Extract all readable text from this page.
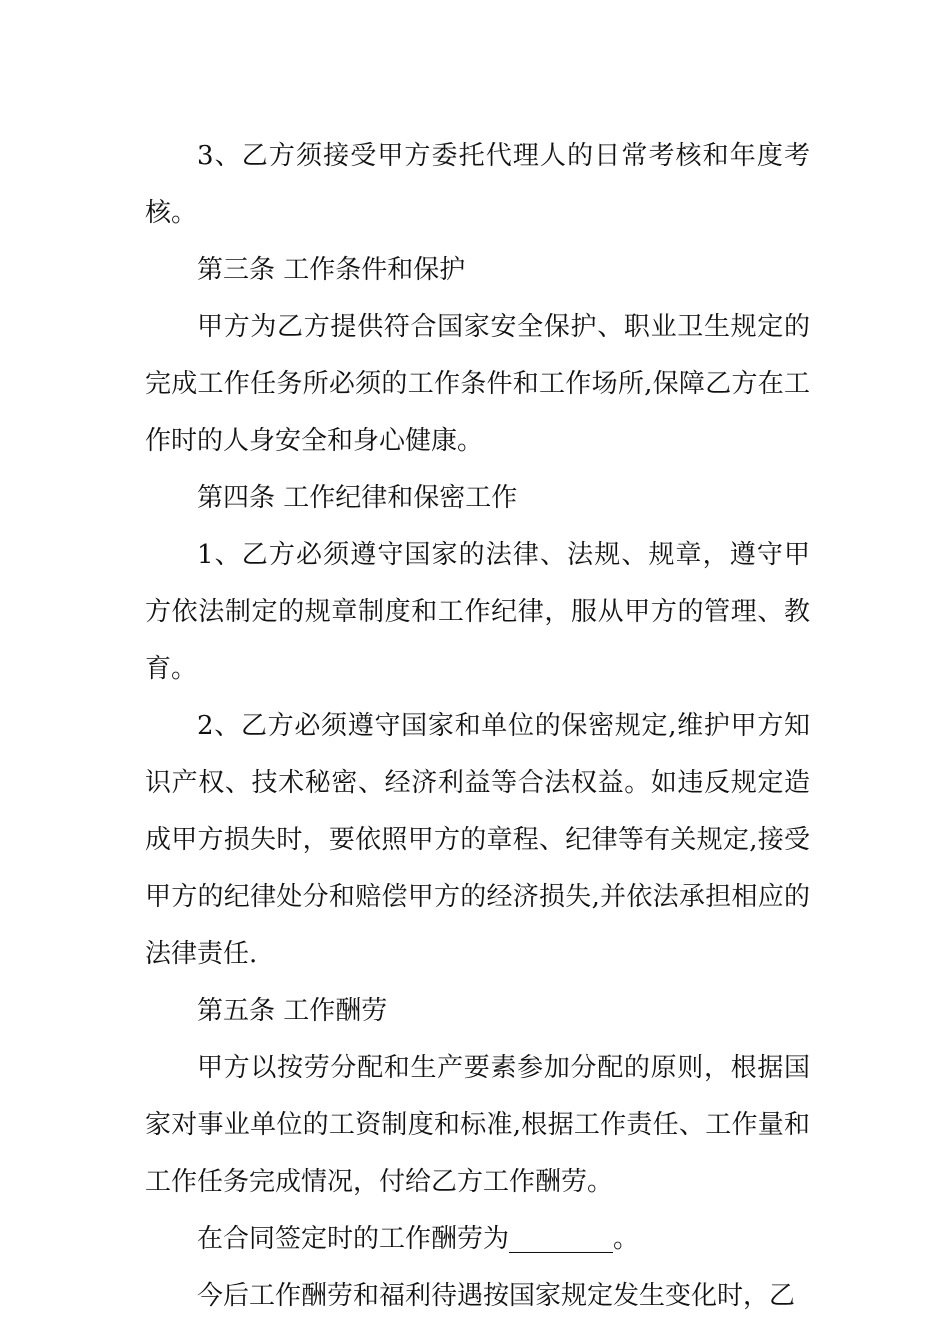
3、乙方须接受甲方委托代理人的日常考核和年度考核。

第三条 工作条件和保护

甲方为乙方提供符合国家安全保护、职业卫生规定的完成工作任务所必须的工作条件和工作场所,保障乙方在工作时的人身安全和身心健康。

第四条 工作纪律和保密工作

1、乙方必须遵守国家的法律、法规、规章，遵守甲方依法制定的规章制度和工作纪律，服从甲方的管理、教育。

2、乙方必须遵守国家和单位的保密规定,维护甲方知识产权、技术秘密、经济利益等合法权益。如违反规定造成甲方损失时，要依照甲方的章程、纪律等有关规定,接受甲方的纪律处分和赔偿甲方的经济损失,并依法承担相应的法律责任.

第五条 工作酬劳

甲方以按劳分配和生产要素参加分配的原则，根据国家对事业单位的工资制度和标准,根据工作责任、工作量和工作任务完成情况，付给乙方工作酬劳。

在合同签定时的工作酬劳为________。

今后工作酬劳和福利待遇按国家规定发生变化时，乙
